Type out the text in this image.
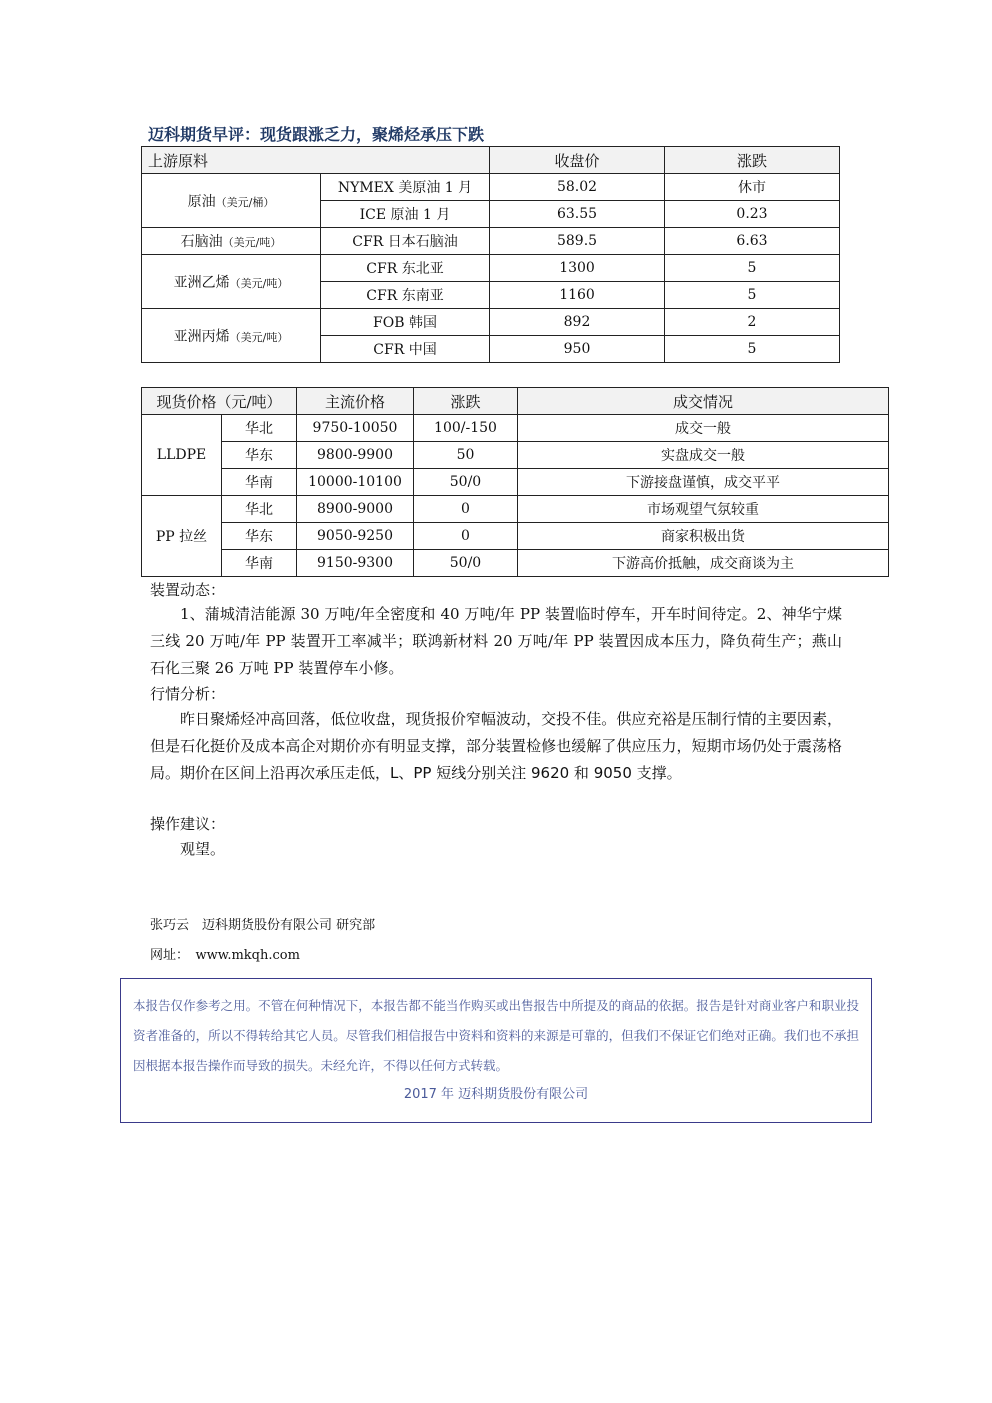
迈科期货早评：现货跟涨乏力，聚烯烃承压下跌
上游原料		收盘价	涨跌
原油（美元/桶）	NYMEX 美原油 1 月	58.02	休市
	ICE 原油 1 月	63.55	0.23
石脑油（美元/吨）	CFR 日本石脑油	589.5	6.63
亚洲乙烯（美元/吨）	CFR 东北亚	1300	5
	CFR 东南亚	1160	5
亚洲丙烯（美元/吨）	FOB 韩国	892	2
	CFR 中国	950	5
现货价格（元/吨）		主流价格	涨跌	成交情况
LLDPE	华北	9750-10050	100/-150	成交一般
	华东	9800-9900	50	实盘成交一般
	华南	10000-10100	50/0	下游接盘谨慎，成交平平
PP 拉丝	华北	8900-9000	0	市场观望气氛较重
	华东	9050-9250	0	商家积极出货
	华南	9150-9300	50/0	下游高价抵触，成交商谈为主
装置动态：
1、蒲城清洁能源 30 万吨/年全密度和 40 万吨/年 PP 装置临时停车，开车时间待定。2、神华宁煤三线 20 万吨/年 PP 装置开工率减半；联鸿新材料 20 万吨/年 PP 装置因成本压力，降负荷生产；燕山石化三聚 26 万吨 PP 装置停车小修。
行情分析：
昨日聚烯烃冲高回落，低位收盘，现货报价窄幅波动，交投不佳。供应充裕是压制行情的主要因素，但是石化挺价及成本高企对期价亦有明显支撑，部分装置检修也缓解了供应压力，短期市场仍处于震荡格局。期价在区间上沿再次承压走低，L、PP 短线分别关注 9620 和 9050 支撑。
操作建议：
观望。
张巧云　迈科期货股份有限公司 研究部
网址：　www.mkqh.com

本报告仅作参考之用。不管在何种情况下，本报告都不能当作购买或出售报告中所提及的商品的依据。报告是针对商业客户和职业投资者准备的，所以不得转给其它人员。尽管我们相信报告中资料和资料的来源是可靠的，但我们不保证它们绝对正确。我们也不承担因根据本报告操作而导致的损失。未经允许，不得以任何方式转载。

2017 年 迈科期货股份有限公司
